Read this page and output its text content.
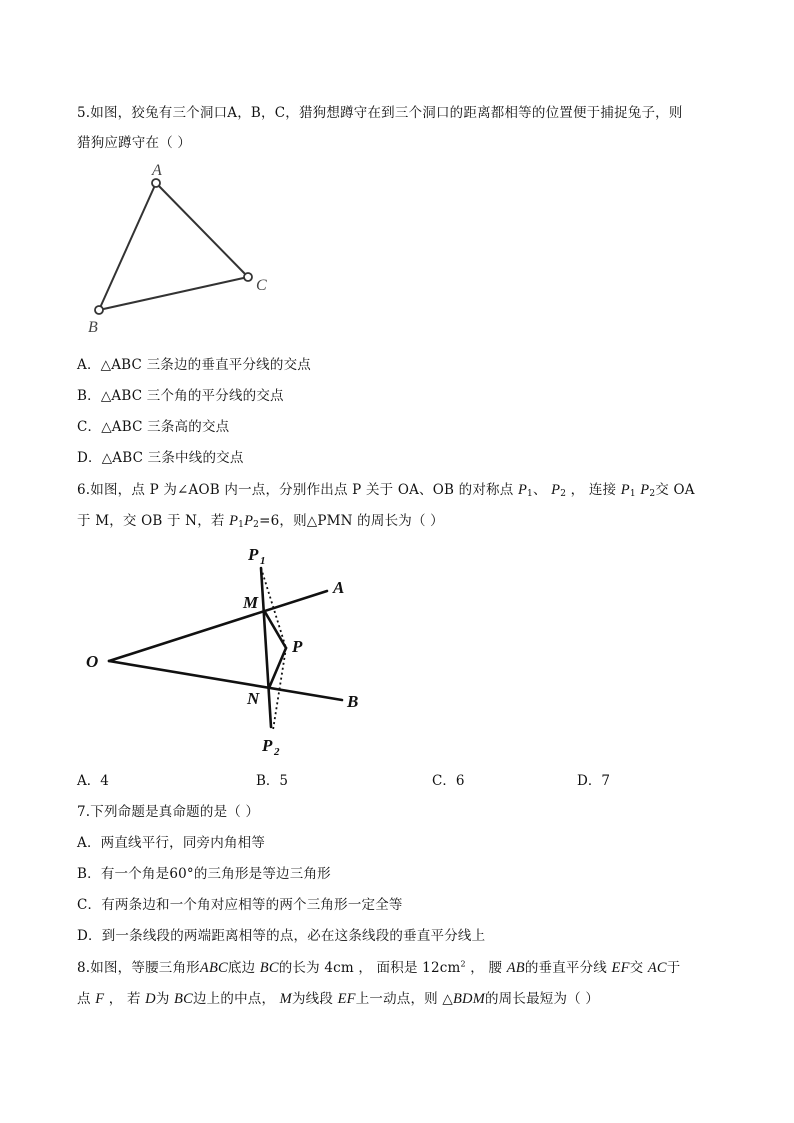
5.如图，狡兔有三个洞口A，B，C，猎狗想蹲守在到三个洞口的距离都相等的位置便于捕捉兔子，则
猎狗应蹲守在（ ）
A
B
C
A．△ABC 三条边的垂直平分线的交点
B．△ABC 三个角的平分线的交点
C．△ABC 三条高的交点
D．△ABC 三条中线的交点
6.如图，点 P 为∠AOB 内一点，分别作出点 P 关于 OA、OB 的对称点 $P_1$、 $P_2$ ， 连接 $P_1$ $P_2$交 OA
于 M，交 OB 于 N，若 $P_1P_2=6$，则△PMN 的周长为（ ）
P 1
M
A
O
P
N	B
P 2
A．4	B．5	C．6	D．7
7.下列命题是真命题的是（ ）
A．两直线平行，同旁内角相等
B．有一个角是60°的三角形是等边三角形
C．有两条边和一个角对应相等的两个三角形一定全等
D．到一条线段的两端距离相等的点，必在这条线段的垂直平分线上
8.如图，等腰三角形ABC底边 BC的长为 4cm ， 面积是 $12cm^2$ ， 腰 AB的垂直平分线 EF交 AC于
点 F ， 若 D为 BC边上的中点， M为线段 EF上一动点，则 △BDM的周长最短为（ ）
